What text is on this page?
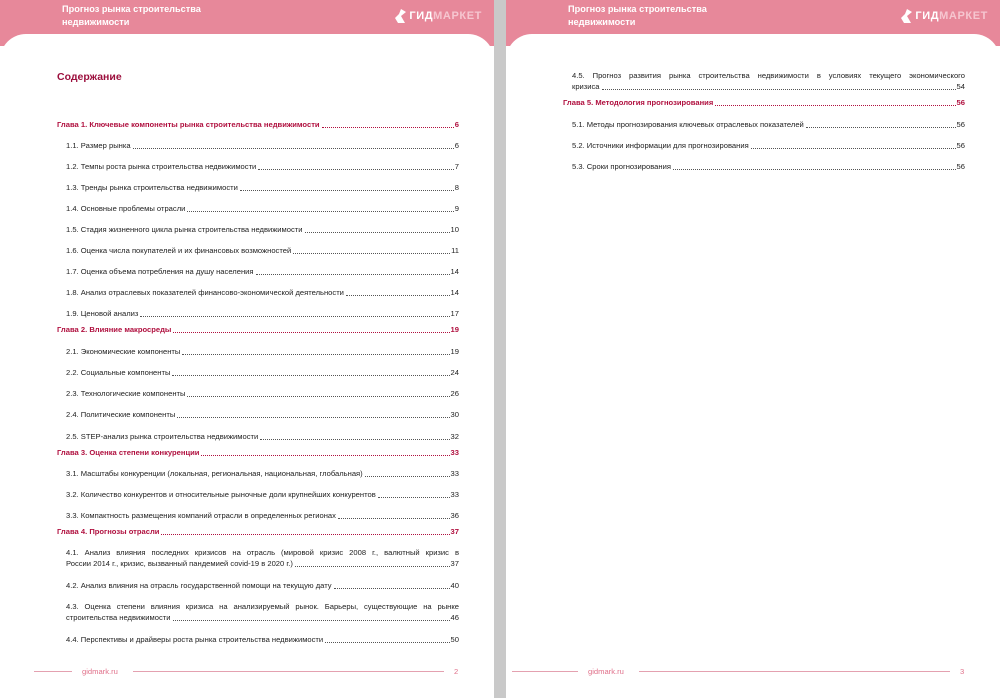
Прогноз рынка строительства
недвижимости	ГИДМАРКЕТ
Содержание
Глава 1. Ключевые компоненты рынка строительства недвижимости	6
1.1. Размер рынка	6
1.2. Темпы роста рынка строительства недвижимости	7
1.3. Тренды рынка строительства недвижимости	8
1.4. Основные проблемы отрасли	9
1.5. Стадия жизненного цикла рынка строительства недвижимости	10
1.6. Оценка числа покупателей и их финансовых возможностей	11
1.7. Оценка объема потребления на душу населения	14
1.8. Анализ отраслевых показателей финансово-экономической деятельности	14
1.9. Ценовой анализ	17
Глава 2. Влияние макросреды	19
2.1. Экономические компоненты	19
2.2. Социальные компоненты	24
2.3. Технологические компоненты	26
2.4. Политические компоненты	30
2.5. STEP-анализ рынка строительства недвижимости	32
Глава 3. Оценка степени конкуренции	33
3.1. Масштабы конкуренции (локальная, региональная, национальная, глобальная)	33
3.2. Количество конкурентов и относительные рыночные доли крупнейших конкурентов	33
3.3. Компактность размещения компаний отрасли в определенных регионах	36
Глава 4. Прогнозы отрасли	37
4.1. Анализ влияния последних кризисов на отрасль (мировой кризис 2008 г., валютный кризис в
России 2014 г., кризис, вызванный пандемией covid-19 в 2020 г.)	37
4.2. Анализ влияния на отрасль государственной помощи на текущую дату	40
4.3. Оценка степени влияния кризиса на анализируемый рынок. Барьеры, существующие на рынке
строительства недвижимости	46
4.4. Перспективы и драйверы роста рынка строительства недвижимости	50
gidmark.ru	2
Прогноз рынка строительства
недвижимости	ГИДМАРКЕТ
4.5. Прогноз развития рынка строительства недвижимости в условиях текущего экономического
кризиса	54
Глава 5. Методология прогнозирования	56
5.1. Методы прогнозирования ключевых отраслевых показателей	56
5.2. Источники информации для прогнозирования	56
5.3. Сроки прогнозирования	56
gidmark.ru	3
